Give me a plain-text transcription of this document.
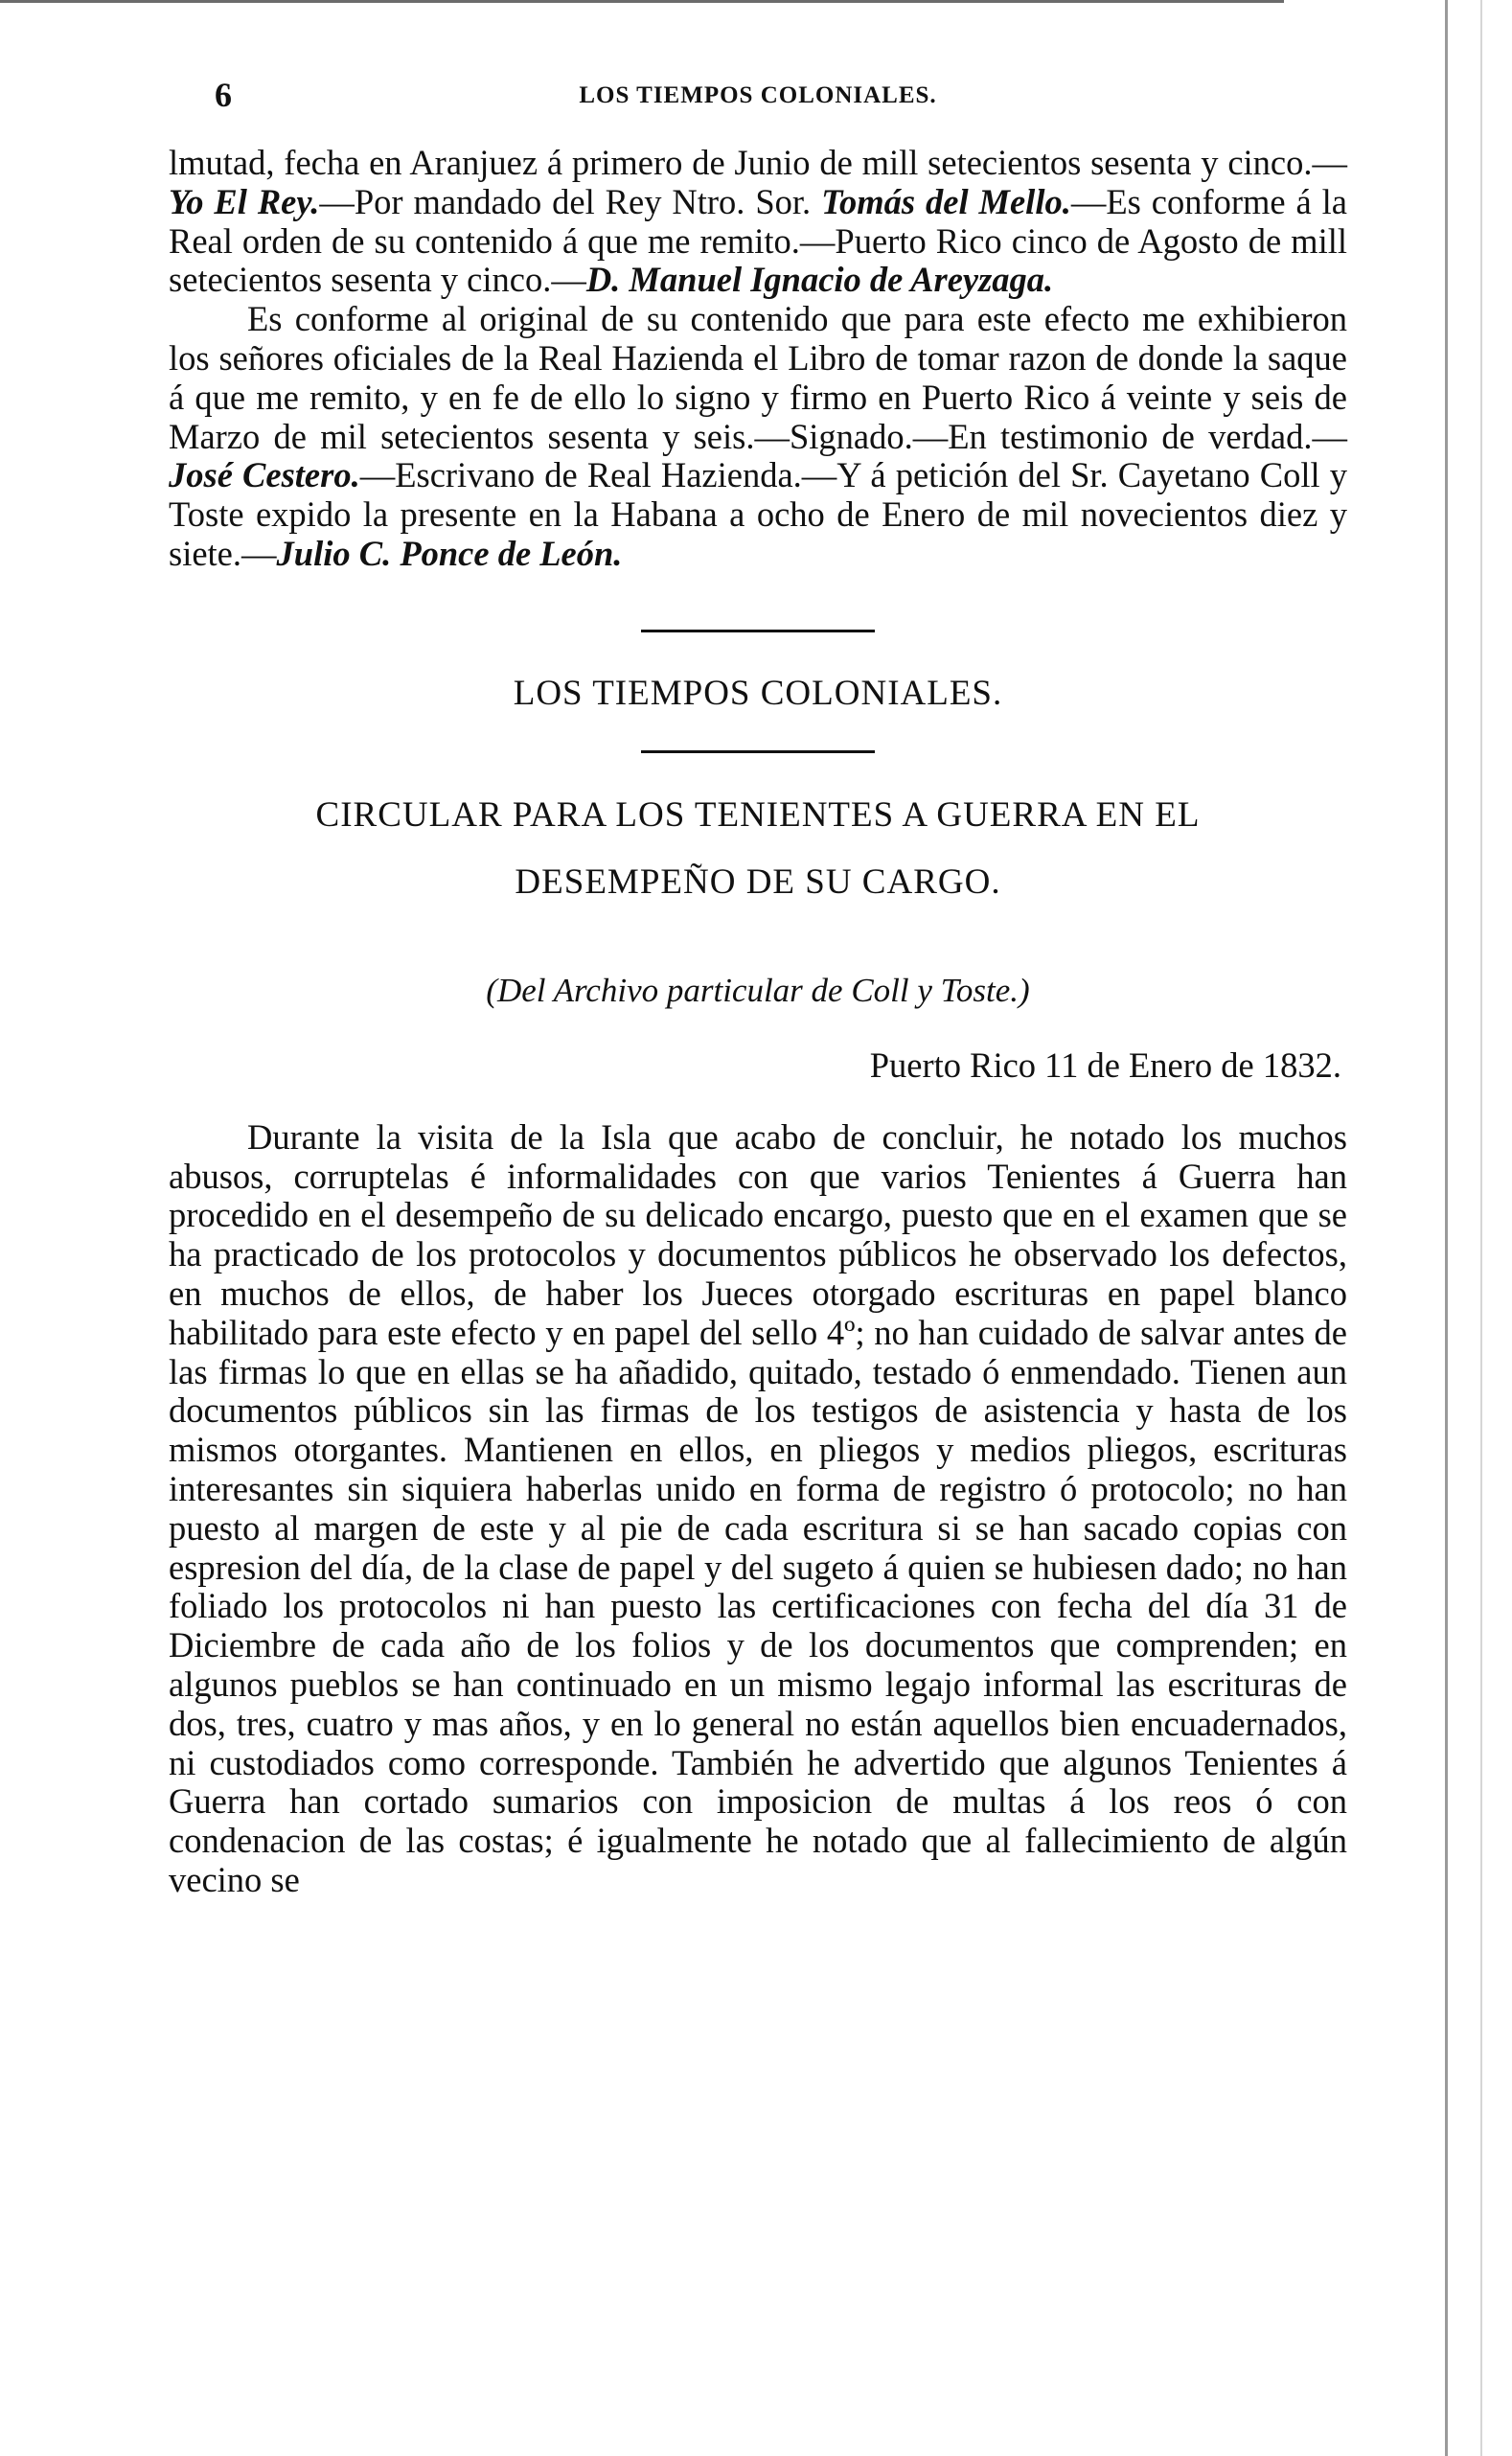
6	LOS TIEMPOS COLONIALES.

lmutad, fecha en Aranjuez á primero de Junio de mill setecientos sesenta y cinco.—Yo El Rey.—Por mandado del Rey Ntro. Sor. Tomás del Mello.—Es conforme á la Real orden de su contenido á que me remito.—Puerto Rico cinco de Agosto de mill setecientos sesenta y cinco.—D. Manuel Ignacio de Areyzaga.

Es conforme al original de su contenido que para este efecto me exhibieron los señores oficiales de la Real Hazienda el Libro de tomar razon de donde la saque á que me remito, y en fe de ello lo signo y firmo en Puerto Rico á veinte y seis de Marzo de mil setecientos sesenta y seis.—Signado.—En testimonio de verdad.—José Cestero.—Escrivano de Real Hazienda.—Y á petición del Sr. Cayetano Coll y Toste expido la presente en la Habana a ocho de Enero de mil novecientos diez y siete.—Julio C. Ponce de León.

LOS TIEMPOS COLONIALES.
CIRCULAR PARA LOS TENIENTES A GUERRA EN EL
DESEMPEÑO DE SU CARGO.
(Del Archivo particular de Coll y Toste.)
Puerto Rico 11 de Enero de 1832.

Durante la visita de la Isla que acabo de concluir, he notado los muchos abusos, corruptelas é informalidades con que varios Tenientes á Guerra han procedido en el desempeño de su delicado encargo, puesto que en el examen que se ha practicado de los protocolos y documentos públicos he observado los defectos, en muchos de ellos, de haber los Jueces otorgado escrituras en papel blanco habilitado para este efecto y en papel del sello 4º; no han cuidado de salvar antes de las firmas lo que en ellas se ha añadido, quitado, testado ó enmendado. Tienen aun documentos públicos sin las firmas de los testigos de asistencia y hasta de los mismos otorgantes. Mantienen en ellos, en pliegos y medios pliegos, escrituras interesantes sin siquiera haberlas unido en forma de registro ó protocolo; no han puesto al margen de este y al pie de cada escritura si se han sacado copias con espresion del día, de la clase de papel y del sugeto á quien se hubiesen dado; no han foliado los protocolos ni han puesto las certificaciones con fecha del día 31 de Diciembre de cada año de los folios y de los documentos que comprenden; en algunos pueblos se han continuado en un mismo legajo informal las escrituras de dos, tres, cuatro y mas años, y en lo general no están aquellos bien encuadernados, ni custodiados como corresponde. También he advertido que algunos Tenientes á Guerra han cortado sumarios con imposicion de multas á los reos ó con condenacion de las costas; é igualmente he notado que al fallecimiento de algún vecino se
